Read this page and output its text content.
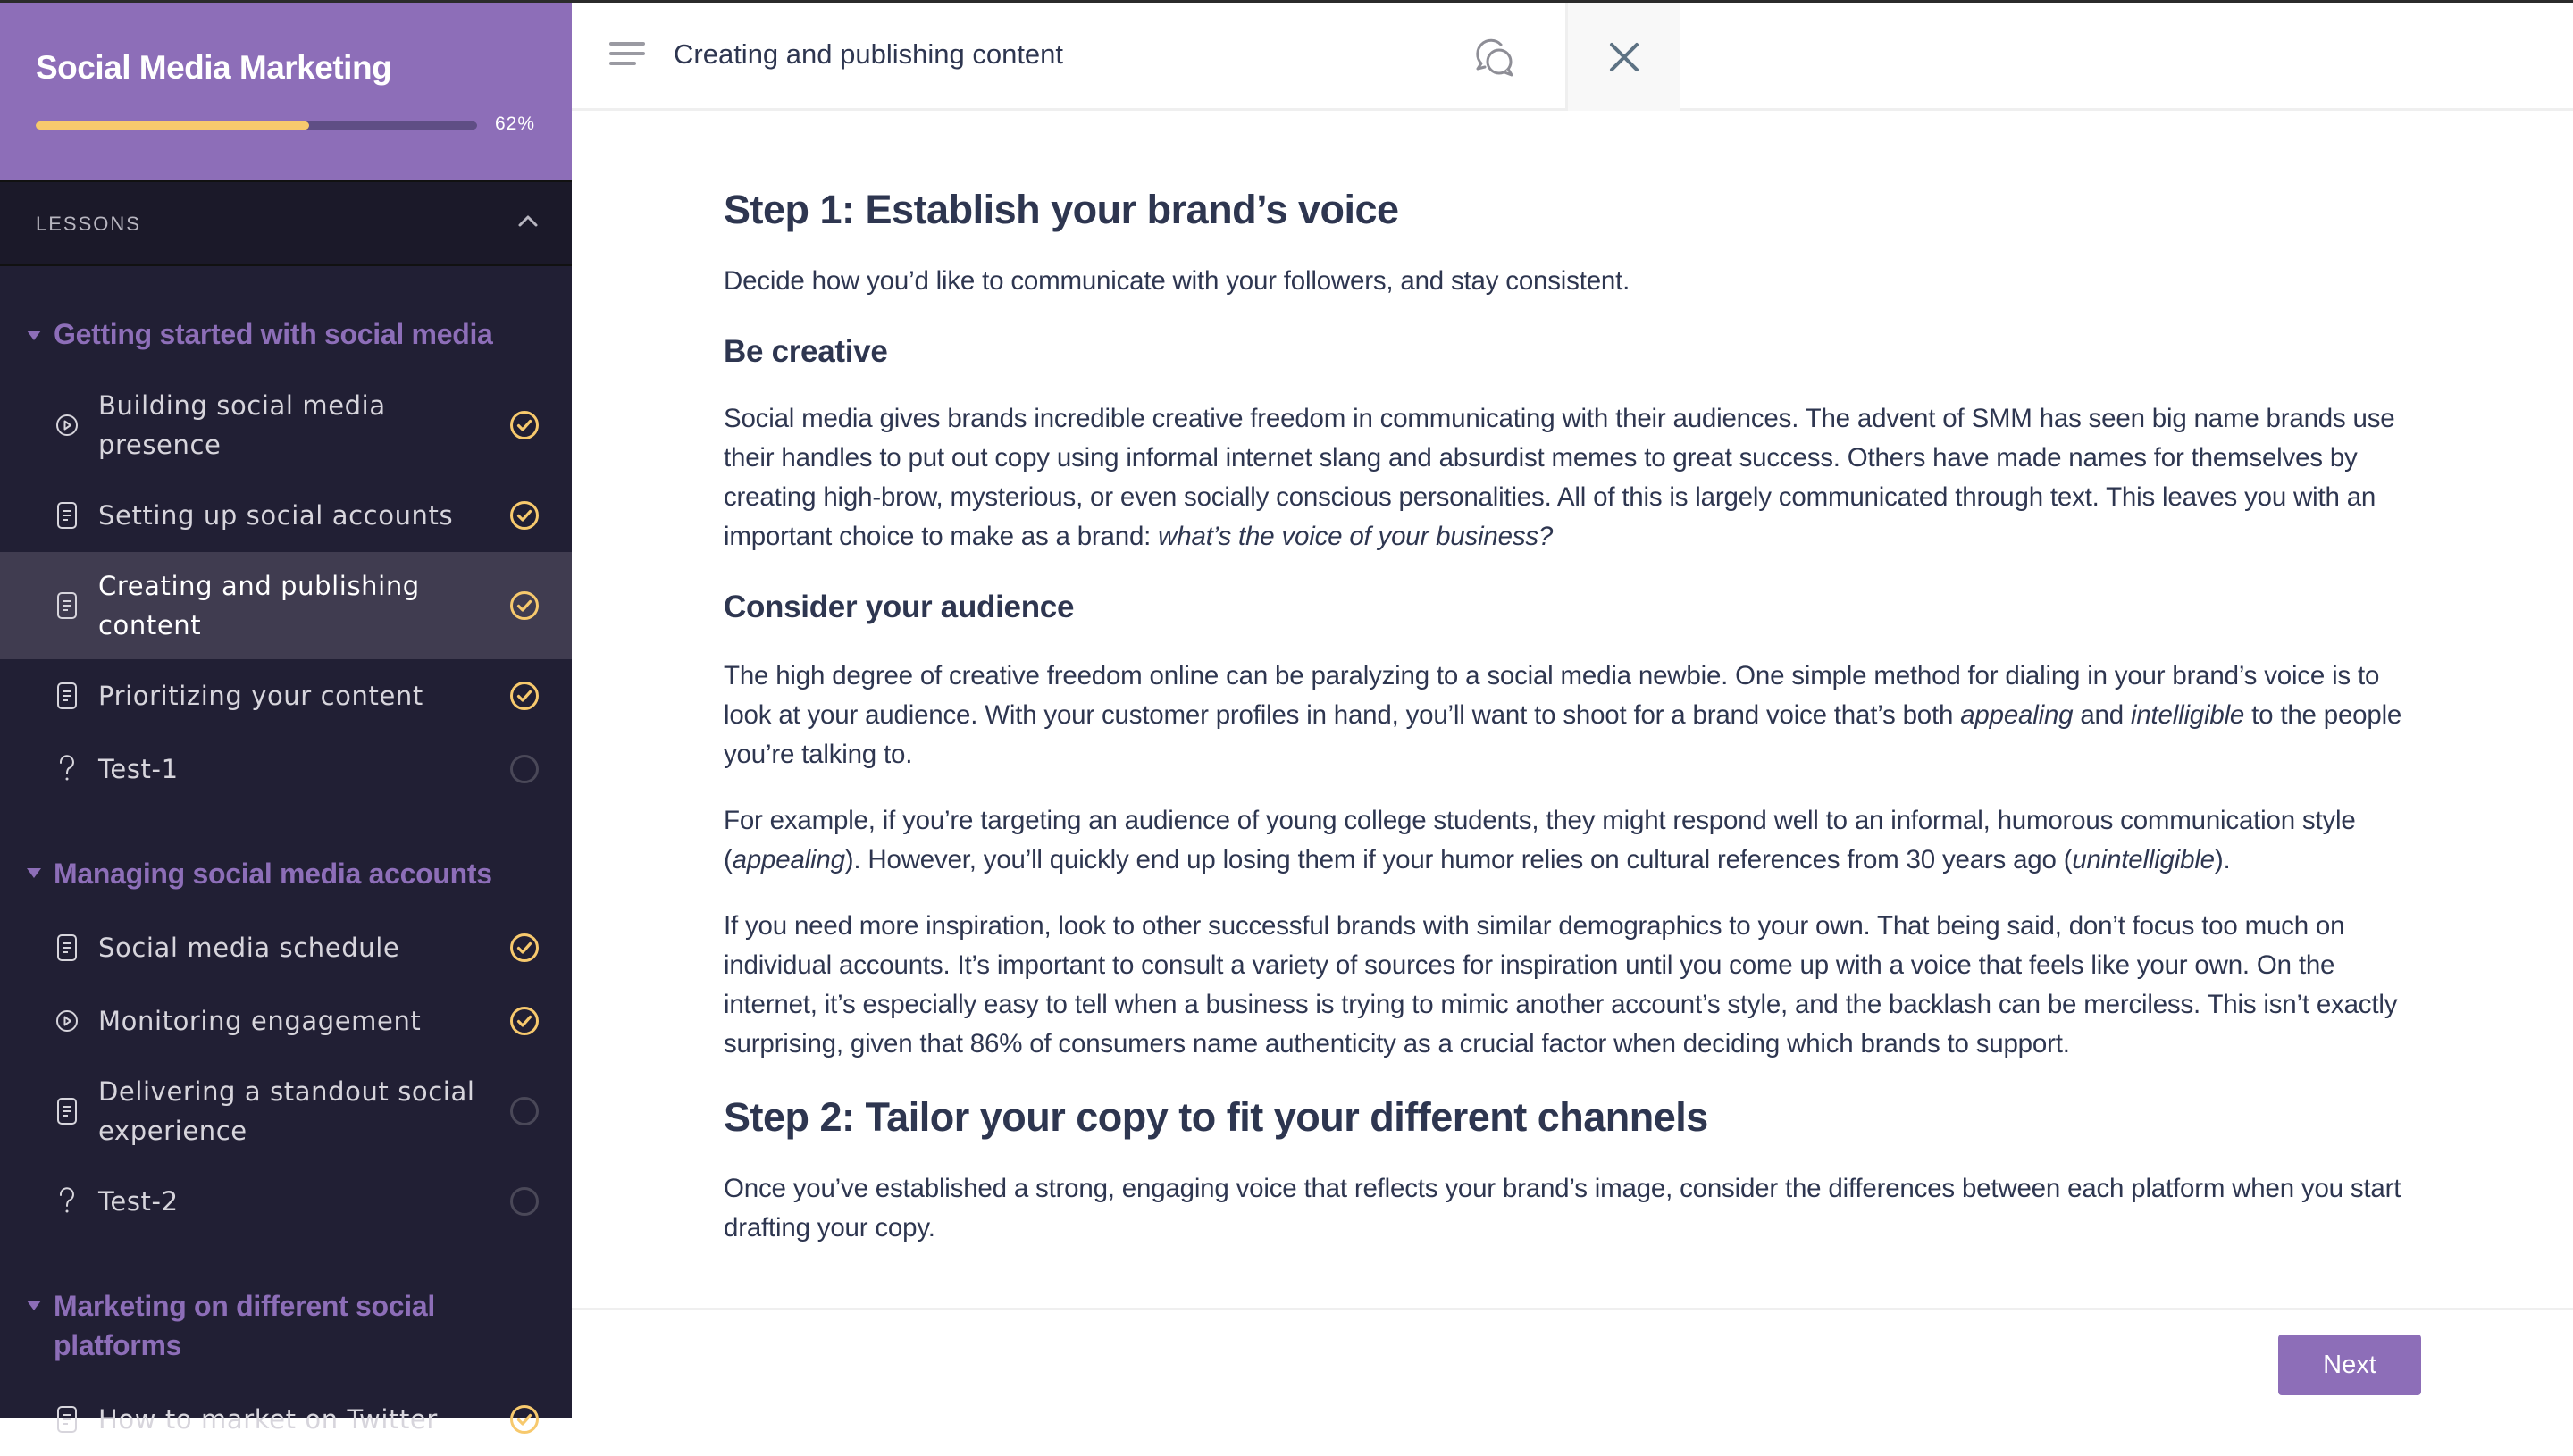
Social Media Marketing
62%
LESSONS
Getting started with social media
Building social media presence
Setting up social accounts
Creating and publishing content
Prioritizing your content
Test-1
Managing social media accounts
Social media schedule
Monitoring engagement
Delivering a standout social experience
Test-2
Marketing on different social platforms
How to market on Twitter
Creating and publishing content
Step 1: Establish your brand’s voice

Decide how you’d like to communicate with your followers, and stay consistent.

Be creative

Social media gives brands incredible creative freedom in communicating with their audiences. The advent of SMM has seen big name brands use their handles to put out copy using informal internet slang and absurdist memes to great success. Others have made names for themselves by creating high-brow, mysterious, or even socially conscious personalities. All of this is largely communicated through text. This leaves you with an important choice to make as a brand: what’s the voice of your business?

Consider your audience

The high degree of creative freedom online can be paralyzing to a social media newbie. One simple method for dialing in your brand’s voice is to look at your audience. With your customer profiles in hand, you’ll want to shoot for a brand voice that’s both appealing and intelligible to the people you’re talking to.

For example, if you’re targeting an audience of young college students, they might respond well to an informal, humorous communication style (appealing). However, you’ll quickly end up losing them if your humor relies on cultural references from 30 years ago (unintelligible).

If you need more inspiration, look to other successful brands with similar demographics to your own. That being said, don’t focus too much on individual accounts. It’s important to consult a variety of sources for inspiration until you come up with a voice that feels like your own. On the internet, it’s especially easy to tell when a business is trying to mimic another account’s style, and the backlash can be merciless. This isn’t exactly surprising, given that 86% of consumers name authenticity as a crucial factor when deciding which brands to support.

Step 2: Tailor your copy to fit your different channels

Once you’ve established a strong, engaging voice that reflects your brand’s image, consider the differences between each platform when you start drafting your copy.

Next
